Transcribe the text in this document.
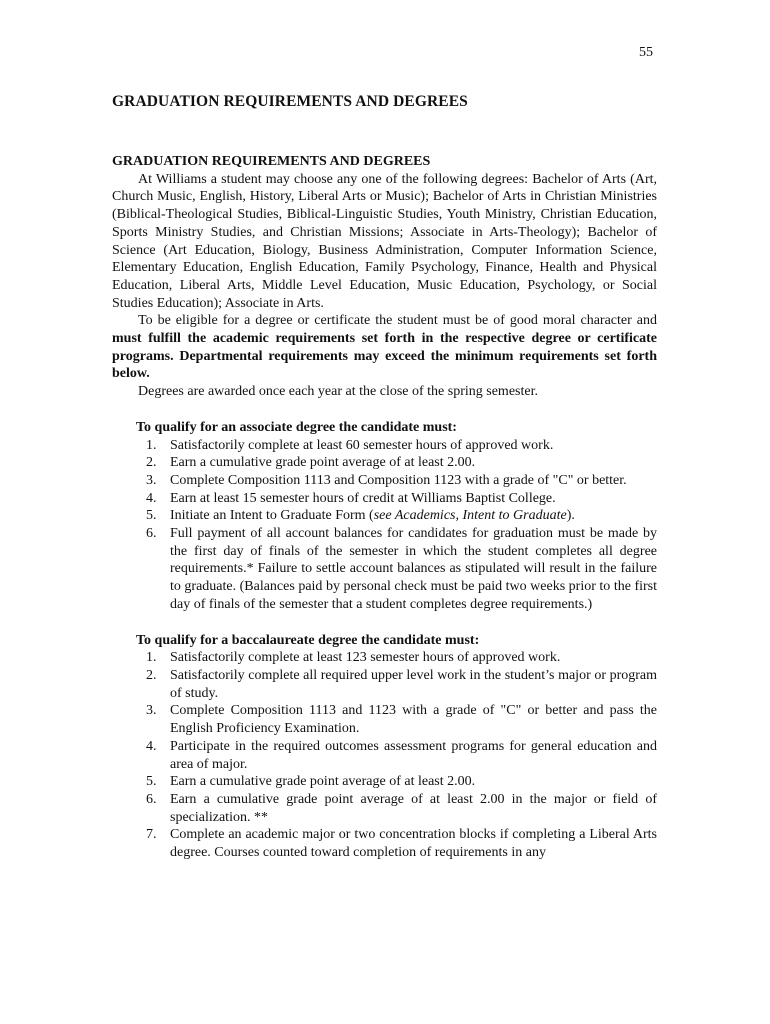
55
GRADUATION REQUIREMENTS AND DEGREES

GRADUATION REQUIREMENTS AND DEGREES

At Williams a student may choose any one of the following degrees: Bachelor of Arts (Art, Church Music, English, History, Liberal Arts or Music); Bachelor of Arts in Christian Ministries (Biblical-Theological Studies, Biblical-Linguistic Studies, Youth Ministry, Christian Education, Sports Ministry Studies, and Christian Missions; Associate in Arts-Theology); Bachelor of Science (Art Education, Biology, Business Administration, Computer Information Science, Elementary Education, English Education, Family Psychology, Finance, Health and Physical Education, Liberal Arts, Middle Level Education, Music Education, Psychology, or Social Studies Education); Associate in Arts.

To be eligible for a degree or certificate the student must be of good moral character and must fulfill the academic requirements set forth in the respective degree or certificate programs. Departmental requirements may exceed the minimum requirements set forth below.

Degrees are awarded once each year at the close of the spring semester.

To qualify for an associate degree the candidate must:

1. Satisfactorily complete at least 60 semester hours of approved work.
2. Earn a cumulative grade point average of at least 2.00.
3. Complete Composition 1113 and Composition 1123 with a grade of "C" or better.
4. Earn at least 15 semester hours of credit at Williams Baptist College.
5. Initiate an Intent to Graduate Form (see Academics, Intent to Graduate).
6. Full payment of all account balances for candidates for graduation must be made by the first day of finals of the semester in which the student completes all degree requirements.* Failure to settle account balances as stipulated will result in the failure to graduate. (Balances paid by personal check must be paid two weeks prior to the first day of finals of the semester that a student completes degree requirements.)

To qualify for a baccalaureate degree the candidate must:

1. Satisfactorily complete at least 123 semester hours of approved work.
2. Satisfactorily complete all required upper level work in the student’s major or program of study.
3. Complete Composition 1113 and 1123 with a grade of "C" or better and pass the English Proficiency Examination.
4. Participate in the required outcomes assessment programs for general education and area of major.
5. Earn a cumulative grade point average of at least 2.00.
6. Earn a cumulative grade point average of at least 2.00 in the major or field of specialization. **
7. Complete an academic major or two concentration blocks if completing a Liberal Arts degree. Courses counted toward completion of requirements in any
